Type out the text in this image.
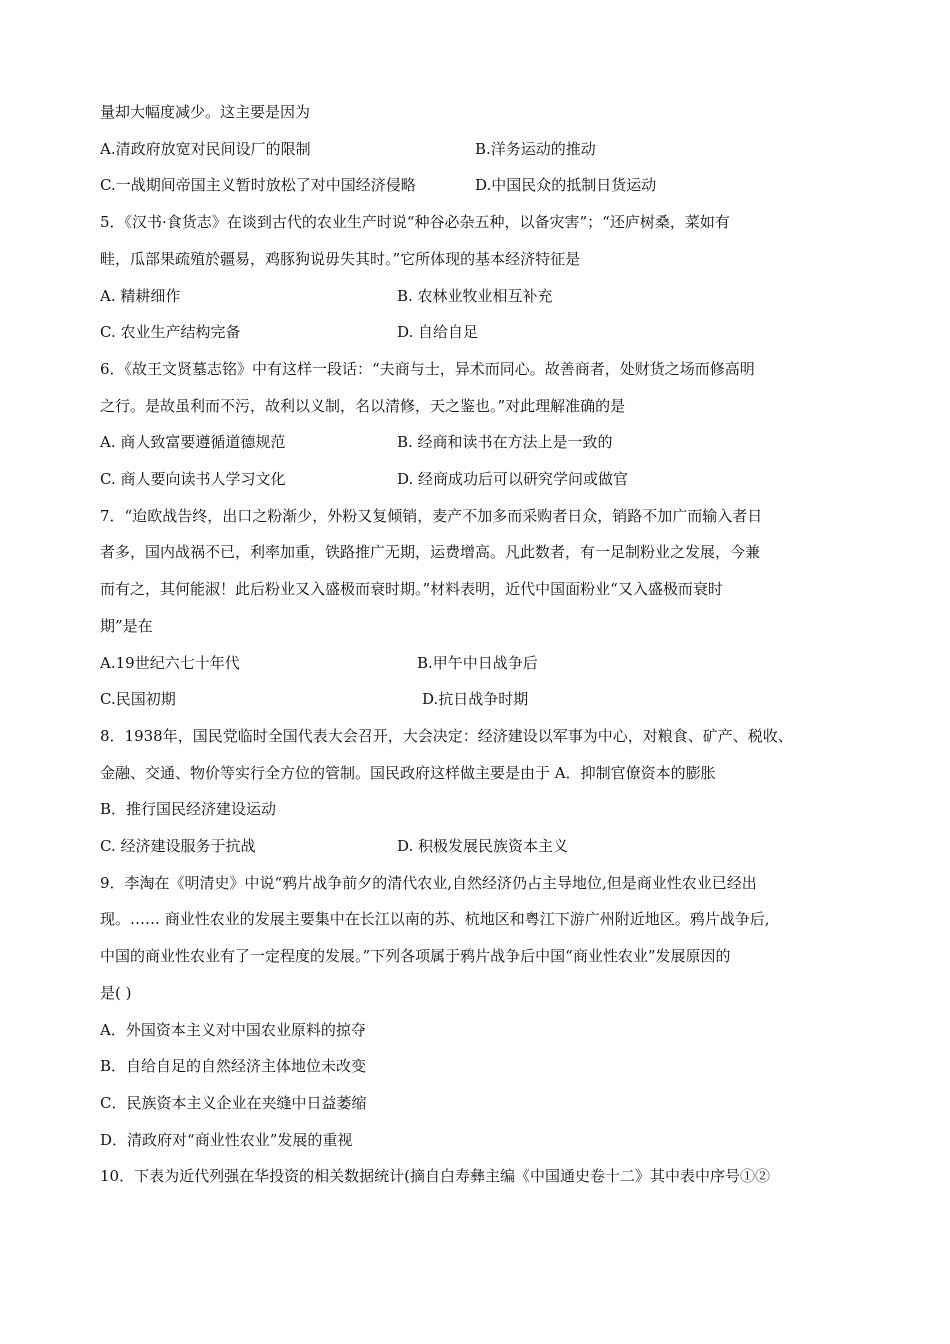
量却大幅度减少。这主要是因为
A.清政府放宽对民间设厂的限制	B.洋务运动的推动
C.一战期间帝国主义暂时放松了对中国经济侵略	D.中国民众的抵制日货运动
5．《汉书·食货志》在谈到古代的农业生产时说“种谷必杂五种，以备灾害”；“还庐树桑，菜如有
畦，瓜部果疏殖於疆易，鸡豚狗说毋失其时。”它所体现的基本经济特征是
A. 精耕细作	B. 农林业牧业相互补充
C. 农业生产结构完备	D. 自给自足
6．《故王文贤墓志铭》中有这样一段话：“夫商与士，异术而同心。故善商者，处财货之场而修高明
之行。是故虽利而不污，故利以义制，名以清修，天之鉴也。”对此理解准确的是
A. 商人致富要遵循道德规范	B. 经商和读书在方法上是一致的
C. 商人要向读书人学习文化	D. 经商成功后可以研究学问或做官
7．“迨欧战告终，出口之粉渐少，外粉又复倾销，麦产不加多而采购者日众，销路不加广而输入者日
者多，国内战祸不已，利率加重，铁路推广无期，运费增高。凡此数者，有一足制粉业之发展，今兼
而有之，其何能淑！此后粉业又入盛极而衰时期。”材料表明，近代中国面粉业“又入盛极而衰时
期”是在
A.19世纪六七十年代	B.甲午中日战争后
C.民国初期	D.抗日战争时期
8．1938年，国民党临时全国代表大会召开，大会决定：经济建设以军事为中心，对粮食、矿产、税收、
金融、交通、物价等实行全方位的管制。国民政府这样做主要是由于 A．抑制官僚资本的膨胀
B．推行国民经济建设运动
C. 经济建设服务于抗战	D. 积极发展民族资本主义
9．李淘在《明清史》中说“鸦片战争前夕的清代农业,自然经济仍占主导地位,但是商业性农业已经出
现。…… 商业性农业的发展主要集中在长江以南的苏、杭地区和粤江下游广州附近地区。鸦片战争后,
中国的商业性农业有了一定程度的发展。”下列各项属于鸦片战争后中国“商业性农业”发展原因的
是( )
A．外国资本主义对中国农业原料的掠夺
B．自给自足的自然经济主体地位未改变
C．民族资本主义企业在夹缝中日益萎缩
D．清政府对“商业性农业”发展的重视
10．下表为近代列强在华投资的相关数据统计(摘自白寿彝主编《中国通史卷十二》其中表中序号①②
